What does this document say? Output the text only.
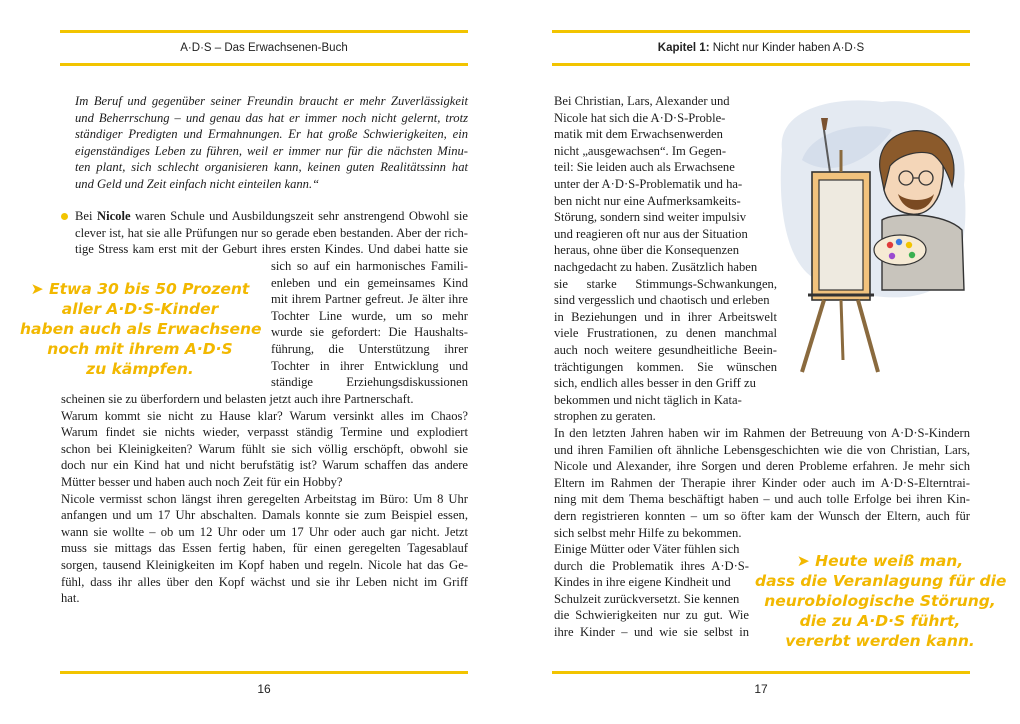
A·D·S – Das Erwachsenen-Buch
Im Beruf und gegenüber seiner Freundin braucht er mehr Zuverlässigkeit
und Beherrschung – und genau das hat er immer noch nicht gelernt, trotz
ständiger Predigten und Ermahnungen. Er hat große Schwierigkeiten, ein
eigenständiges Leben zu führen, weil er immer nur für die nächsten Minu-
ten plant, sich schlecht organisieren kann, keinen guten Realitätssinn hat
und Geld und Zeit einfach nicht einteilen kann.“
Bei Nicole waren Schule und Ausbildungszeit sehr anstrengend Obwohl sie
clever ist, hat sie alle Prüfungen nur so gerade eben bestanden. Aber der rich-
tige Stress kam erst mit der Geburt ihres ersten Kindes. Und dabei hatte sie
sich so auf ein harmonisches Famili-
enleben und ein gemeinsames Kind
mit ihrem Partner gefreut. Je älter ihre
Tochter Line wurde, um so mehr
wurde sie gefordert: Die Haushalts-
führung, die Unterstützung ihrer
Tochter in ihrer Entwicklung und
ständige Erziehungsdiskussionen
➤ Etwa 30 bis 50 Prozent
aller A·D·S-Kinder
haben auch als Erwachsene
noch mit ihrem A·D·S
zu kämpfen.
scheinen sie zu überfordern und belasten jetzt auch ihre Partnerschaft.
Warum kommt sie nicht zu Hause klar? Warum versinkt alles im Chaos?
Warum findet sie nichts wieder, verpasst ständig Termine und explodiert
schon bei Kleinigkeiten? Warum fühlt sie sich völlig erschöpft, obwohl sie
doch nur ein Kind hat und nicht berufstätig ist? Warum schaffen das andere
Mütter besser und haben auch noch Zeit für ein Hobby?
Nicole vermisst schon längst ihren geregelten Arbeitstag im Büro: Um 8 Uhr
anfangen und um 17 Uhr abschalten. Damals konnte sie zum Beispiel essen,
wann sie wollte – ob um 12 Uhr oder um 17 Uhr oder auch gar nicht. Jetzt
muss sie mittags das Essen fertig haben, für einen geregelten Tagesablauf
sorgen, tausend Kleinigkeiten im Kopf haben und regeln. Nicole hat das Ge-
fühl, dass ihr alles über den Kopf wächst und sie ihr Leben nicht im Griff
hat.
16
Kapitel 1: Nicht nur Kinder haben A·D·S
Bei Christian, Lars, Alexander und
Nicole hat sich die A·D·S-Proble-
matik mit dem Erwachsenwerden
nicht „ausgewachsen“. Im Gegen-
teil: Sie leiden auch als Erwachsene
unter der A·D·S-Problematik und ha-
ben nicht nur eine Aufmerksamkeits-
Störung, sondern sind weiter impulsiv
und reagieren oft nur aus der Situation
heraus, ohne über die Konsequenzen
nachgedacht zu haben. Zusätzlich haben
sie starke Stimmungs-Schwankungen,
sind vergesslich und chaotisch und erleben
in Beziehungen und in ihrer Arbeitswelt
viele Frustrationen, zu denen manchmal
auch noch weitere gesundheitliche Beein-
trächtigungen kommen. Sie wünschen
sich, endlich alles besser in den Griff zu
bekommen und nicht täglich in Kata-
strophen zu geraten.
In den letzten Jahren haben wir im Rahmen der Betreuung von A·D·S-Kindern
und ihren Familien oft ähnliche Lebensgeschichten wie die von Christian, Lars,
Nicole und Alexander, ihre Sorgen und deren Probleme erfahren. Je mehr sich
Eltern im Rahmen der Therapie ihrer Kinder oder auch im A·D·S-Elterntrai-
ning mit dem Thema beschäftigt haben – und auch tolle Erfolge bei ihren Kin-
dern registrieren konnten – um so öfter kam der Wunsch der Eltern, auch für
sich selbst mehr Hilfe zu bekommen.
Einige Mütter oder Väter fühlen sich
durch die Problematik ihres A·D·S-
Kindes in ihre eigene Kindheit und
Schulzeit zurückversetzt. Sie kennen
die Schwierigkeiten nur zu gut. Wie
ihre Kinder – und wie sie selbst in
➤ Heute weiß man,
dass die Veranlagung für die
neurobiologische Störung,
die zu A·D·S führt,
vererbt werden kann.
17
